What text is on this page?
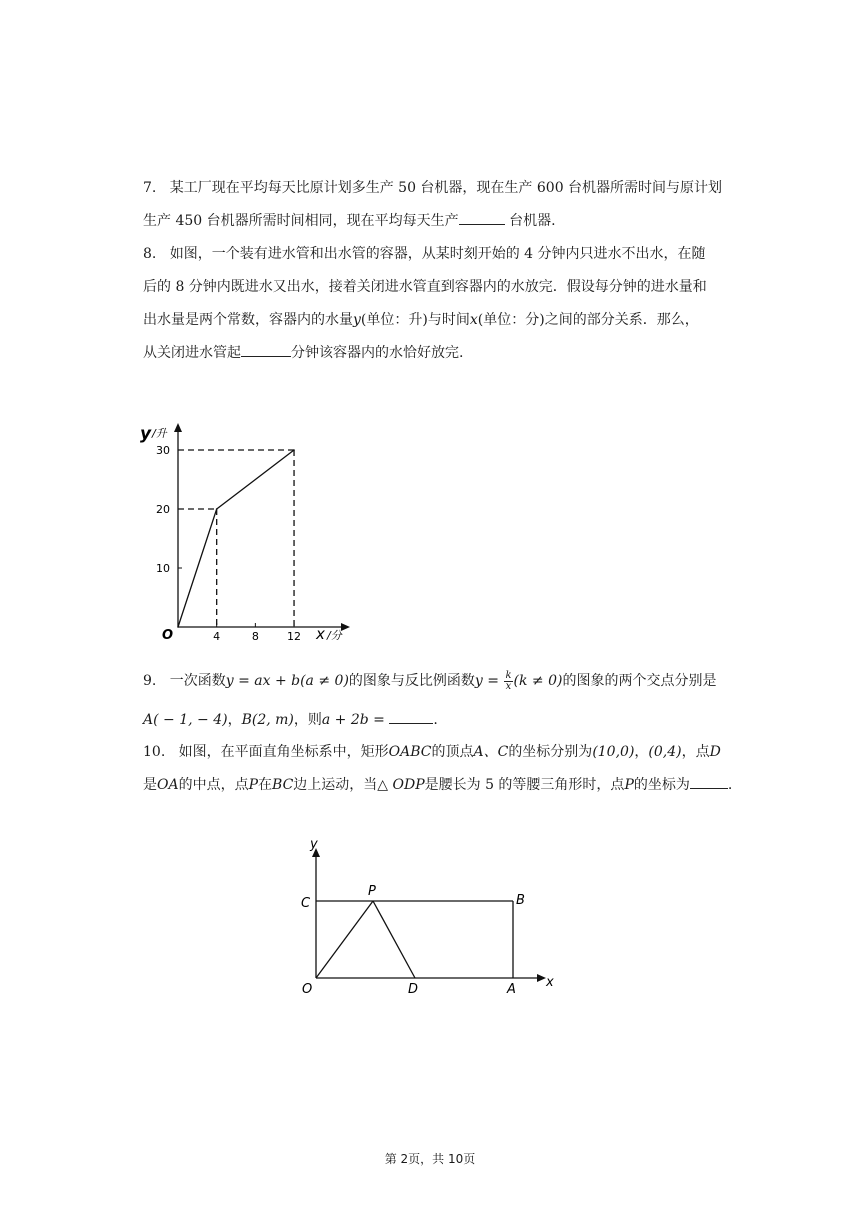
7. 某工厂现在平均每天比原计划多生产 50 台机器，现在生产 600 台机器所需时间与原计划
生产 450 台机器所需时间相同，现在平均每天生产	台机器.
8. 如图，一个装有进水管和出水管的容器，从某时刻开始的 4 分钟内只进水不出水，在随
后的 8 分钟内既进水又出水，接着关闭进水管直到容器内的水放完．假设每分钟的进水量和
出水量是两个常数，容器内的水量y(单位：升)与时间x(单位：分)之间的部分关系．那么，
从关闭进水管起	分钟该容器内的水恰好放完.
y /升
x /分
O
10
20
30
4	8	12
9. 一次函数y = ax + b(a ≠ 0)的图象与反比例函数$y = \frac{k}{x} (k \ne 0)$的图象的两个交点分别是
A( − 1, − 4)，B(2, m)，则a + 2b =	.
10. 如图，在平面直角坐标系中，矩形OABC的顶点A、C的坐标分别为(10,0)，(0,4)，点D
是OA的中点，点P在BC边上运动，当△ ODP是腰长为 5 的等腰三角形时，点P的坐标为	.
y
x
C
P
B
O	D	A
第 2页，共 10页
